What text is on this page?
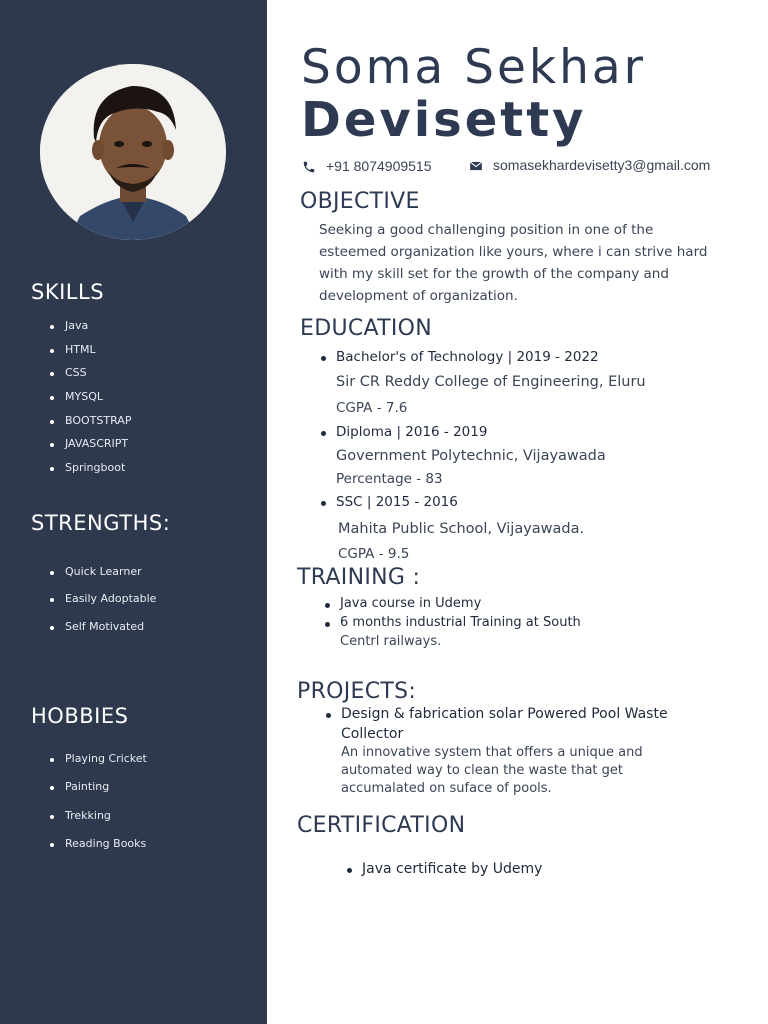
SKILLS
Java
HTML
CSS
MYSQL
BOOTSTRAP
JAVASCRIPT
Springboot
STRENGTHS:
Quick Learner
Easily Adoptable
Self Motivated
HOBBIES
Playing Cricket
Painting
Trekking
Reading Books
Soma Sekhar
Devisetty
+91 8074909515	somasekhardevisetty3@gmail.com
OBJECTIVE
Seeking a good challenging position in one of the
esteemed organization like yours, where i can strive hard
with my skill set for the growth of the company and
development of organization.
EDUCATION
Bachelor's of Technology | 2019 - 2022
Sir CR Reddy College of Engineering, Eluru
CGPA - 7.6
Diploma | 2016 - 2019
Government Polytechnic, Vijayawada
Percentage - 83
SSC | 2015 - 2016
Mahita Public School, Vijayawada.
CGPA - 9.5
TRAINING :
Java course in Udemy
6 months industrial Training at South
Centrl railways.
PROJECTS:
Design & fabrication solar Powered Pool Waste
Collector
An innovative system that offers a unique and
automated way to clean the waste that get
accumalated on suface of pools.
CERTIFICATION
Java certificate by Udemy
